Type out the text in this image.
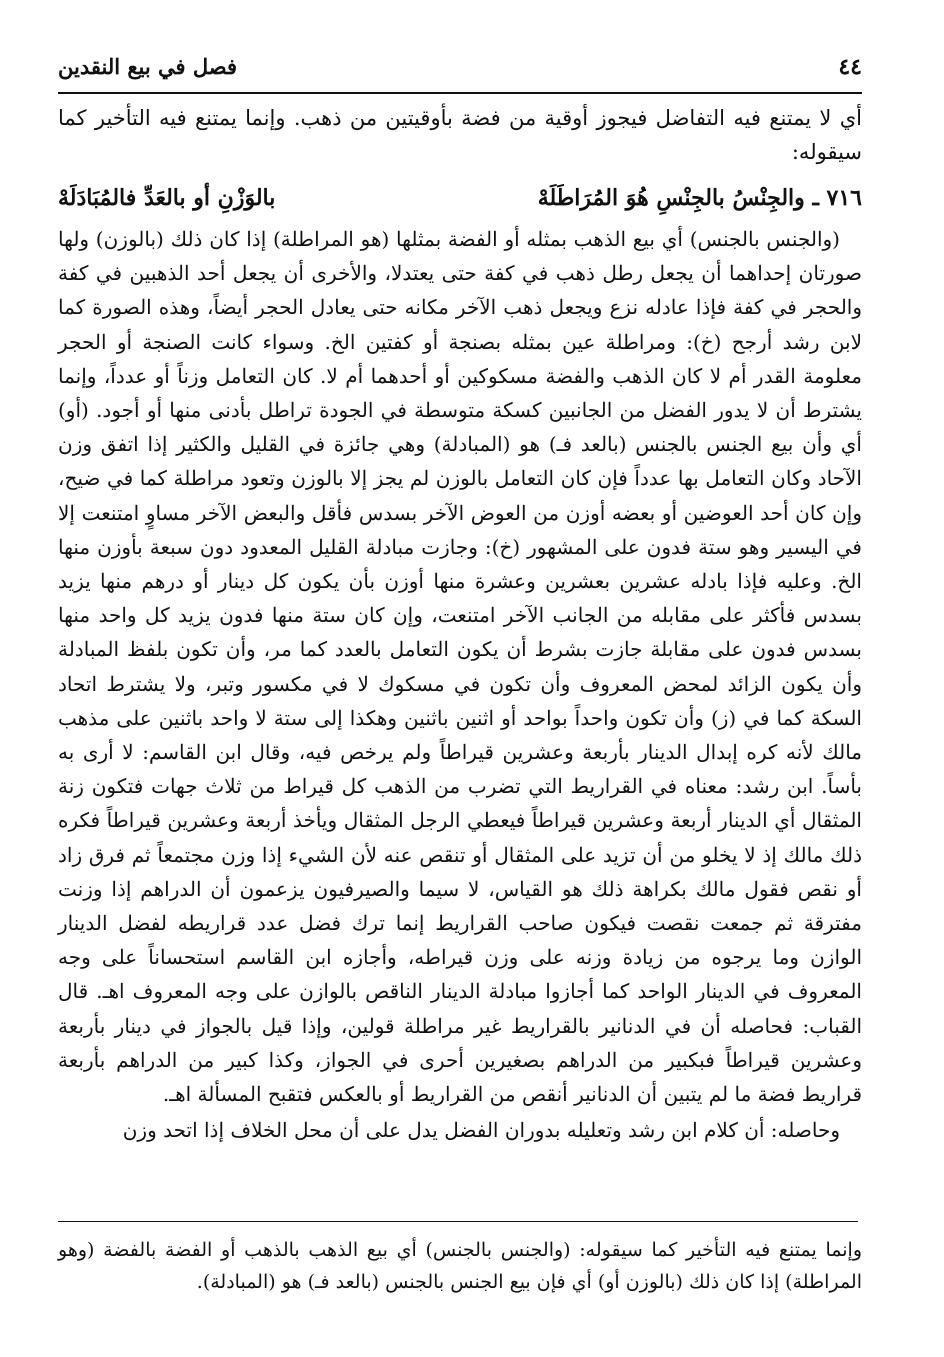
٤٤
فصل في بيع النقدين

أي لا يمتنع فيه التفاضل فيجوز أوقية من فضة بأوقيتين من ذهب. وإنما يمتنع فيه التأخير كما سيقوله:

٧١٦ ـ والجِنْسُ بالجِنْسِ هُوَ المُرَاطَلَهْ
بالوَزْنِ أو بالعَدِّ فالمُبَادَلَهْ

(والجنس بالجنس) أي بيع الذهب بمثله أو الفضة بمثلها (هو المراطلة) إذا كان ذلك (بالوزن) ولها صورتان إحداهما أن يجعل رطل ذهب في كفة حتى يعتدلا، والأخرى أن يجعل أحد الذهبين في كفة والحجر في كفة فإذا عادله نزع ويجعل ذهب الآخر مكانه حتى يعادل الحجر أيضاً، وهذه الصورة كما لابن رشد أرجح (خ): ومراطلة عين بمثله بصنجة أو كفتين الخ. وسواء كانت الصنجة أو الحجر معلومة القدر أم لا كان الذهب والفضة مسكوكين أو أحدهما أم لا. كان التعامل وزناً أو عدداً، وإنما يشترط أن لا يدور الفضل من الجانبين كسكة متوسطة في الجودة تراطل بأدنى منها أو أجود. (أو) أي وأن بيع الجنس بالجنس (بالعد فـ) هو (المبادلة) وهي جائزة في القليل والكثير إذا اتفق وزن الآحاد وكان التعامل بها عدداً فإن كان التعامل بالوزن لم يجز إلا بالوزن وتعود مراطلة كما في ضيح، وإن كان أحد العوضين أو بعضه أوزن من العوض الآخر بسدس فأقل والبعض الآخر مساوٍ امتنعت إلا في اليسير وهو ستة فدون على المشهور (خ): وجازت مبادلة القليل المعدود دون سبعة بأوزن منها الخ. وعليه فإذا بادله عشرين بعشرين وعشرة منها أوزن بأن يكون كل دينار أو درهم منها يزيد بسدس فأكثر على مقابله من الجانب الآخر امتنعت، وإن كان ستة منها فدون يزيد كل واحد منها بسدس فدون على مقابلة جازت بشرط أن يكون التعامل بالعدد كما مر، وأن تكون بلفظ المبادلة وأن يكون الزائد لمحض المعروف وأن تكون في مسكوك لا في مكسور وتبر، ولا يشترط اتحاد السكة كما في (ز) وأن تكون واحداً بواحد أو اثنين باثنين وهكذا إلى ستة لا واحد باثنين على مذهب مالك لأنه كره إبدال الدينار بأربعة وعشرين قيراطاً ولم يرخص فيه، وقال ابن القاسم: لا أرى به بأساً. ابن رشد: معناه في القراريط التي تضرب من الذهب كل قيراط من ثلاث جهات فتكون زنة المثقال أي الدينار أربعة وعشرين قيراطاً فيعطي الرجل المثقال ويأخذ أربعة وعشرين قيراطاً فكره ذلك مالك إذ لا يخلو من أن تزيد على المثقال أو تنقص عنه لأن الشيء إذا وزن مجتمعاً ثم فرق زاد أو نقص فقول مالك بكراهة ذلك هو القياس، لا سيما والصيرفيون يزعمون أن الدراهم إذا وزنت مفترقة ثم جمعت نقصت فيكون صاحب القراريط إنما ترك فضل عدد قراريطه لفضل الدينار الوازن وما يرجوه من زيادة وزنه على وزن قيراطه، وأجازه ابن القاسم استحساناً على وجه المعروف في الدينار الواحد كما أجازوا مبادلة الدينار الناقص بالوازن على وجه المعروف اهـ. قال القباب: فحاصله أن في الدنانير بالقراريط غير مراطلة قولين، وإذا قيل بالجواز في دينار بأربعة وعشرين قيراطاً فبكبير من الدراهم بصغيرين أحرى في الجواز، وكذا كبير من الدراهم بأربعة قراريط فضة ما لم يتبين أن الدنانير أنقص من القراريط أو بالعكس فتقبح المسألة اهـ.

وحاصله: أن كلام ابن رشد وتعليله بدوران الفضل يدل على أن محل الخلاف إذا اتحد وزن

وإنما يمتنع فيه التأخير كما سيقوله: (والجنس بالجنس) أي بيع الذهب بالذهب أو الفضة بالفضة (وهو المراطلة) إذا كان ذلك (بالوزن أو) أي فإن بيع الجنس بالجنس (بالعد فـ) هو (المبادلة).
